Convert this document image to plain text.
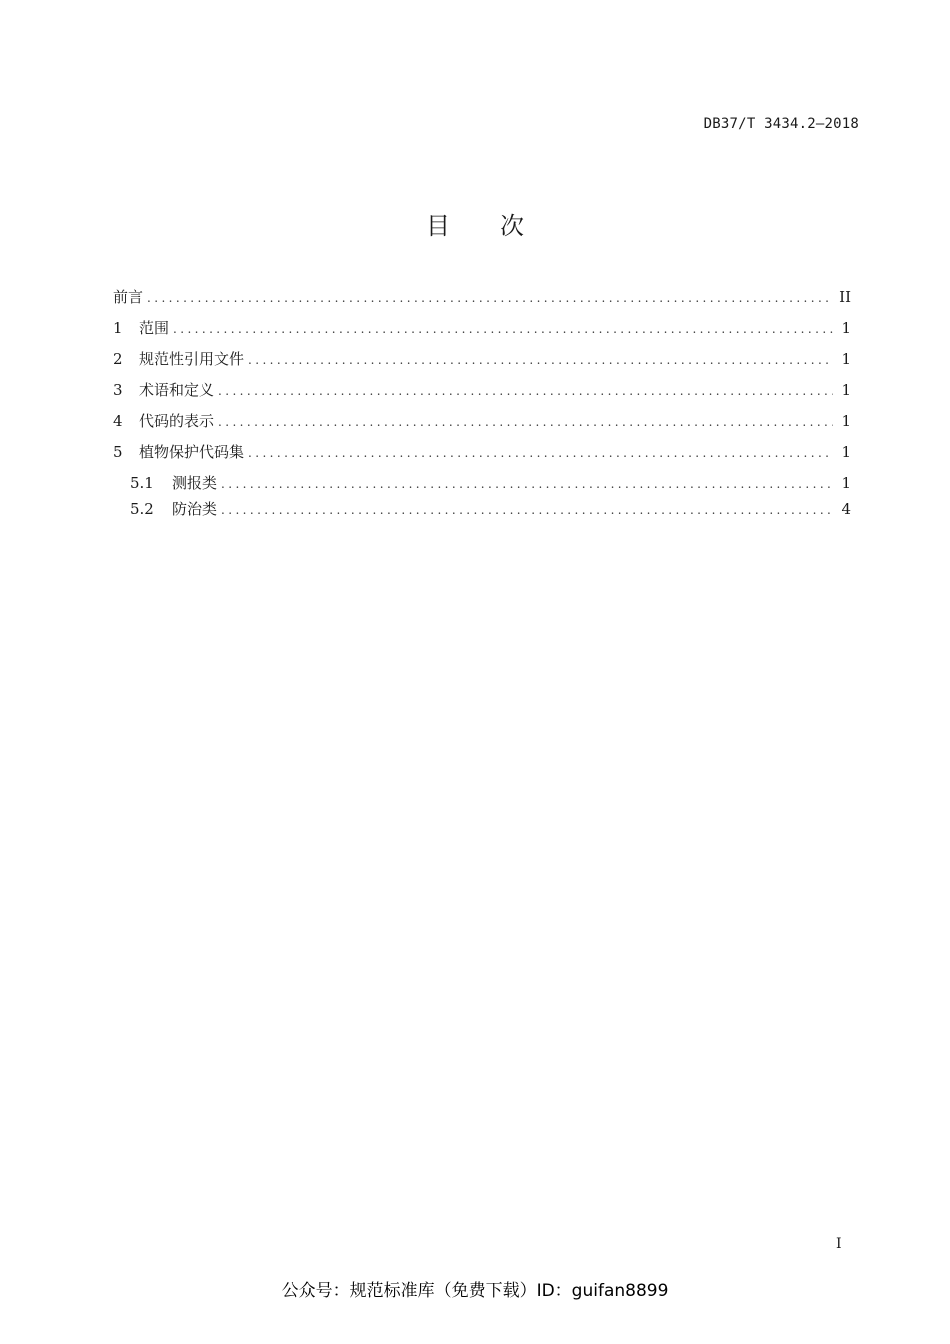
DB37/T 3434.2—2018
目 次
前言 .....	II
1	范围 .....	1
2	规范性引用文件 .....	1
3	术语和定义 .....	1
4	代码的表示 .....	1
5	植物保护代码集 .....	1
5.1	测报类 .....	1
5.2	防治类 .....	4
I
公众号：规范标准库（免费下载）ID：guifan8899
